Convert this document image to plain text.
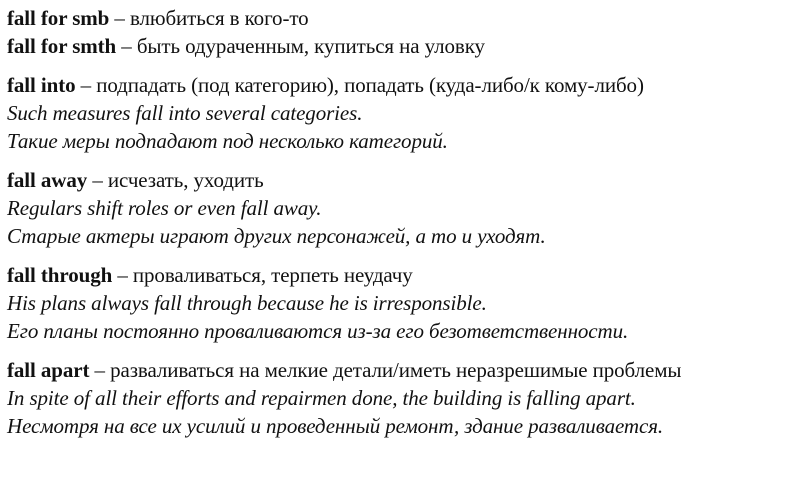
fall for smb – влюбиться в кого-то
fall for smth – быть одураченным, купиться на уловку
fall into – подпадать (под категорию), попадать (куда-либо/к кому-либо)
Such measures fall into several categories.
Такие меры подпадают под несколько категорий.
fall away – исчезать, уходить
Regulars shift roles or even fall away.
Старые актеры играют других персонажей, а то и уходят.
fall through – проваливаться, терпеть неудачу
His plans always fall through because he is irresponsible.
Его планы постоянно проваливаются из-за его безответственности.
fall apart – разваливаться на мелкие детали/иметь неразрешимые проблемы
In spite of all their efforts and repairmen done, the building is falling apart.
Несмотря на все их усилий и проведенный ремонт, здание разваливается.
